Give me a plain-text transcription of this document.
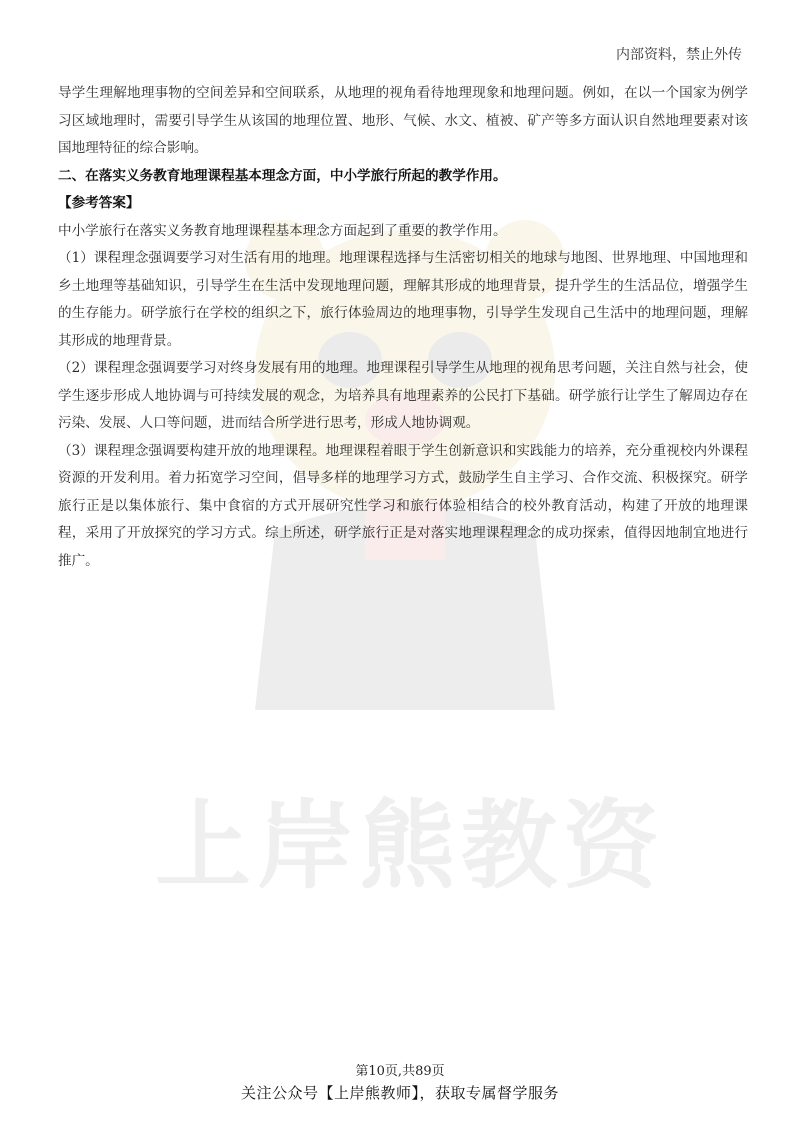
上岸熊教资
内部资料，禁止外传

导学生理解地理事物的空间差异和空间联系，从地理的视角看待地理现象和地理问题。例如，在以一个国家为例学习区域地理时，需要引导学生从该国的地理位置、地形、气候、水文、植被、矿产等多方面认识自然地理要素对该国地理特征的综合影响。

二、在落实义务教育地理课程基本理念方面，中小学旅行所起的教学作用。

【参考答案】

中小学旅行在落实义务教育地理课程基本理念方面起到了重要的教学作用。

（1）课程理念强调要学习对生活有用的地理。地理课程选择与生活密切相关的地球与地图、世界地理、中国地理和乡土地理等基础知识，引导学生在生活中发现地理问题，理解其形成的地理背景，提升学生的生活品位，增强学生的生存能力。研学旅行在学校的组织之下，旅行体验周边的地理事物，引导学生发现自己生活中的地理问题，理解其形成的地理背景。

（2）课程理念强调要学习对终身发展有用的地理。地理课程引导学生从地理的视角思考问题，关注自然与社会，使学生逐步形成人地协调与可持续发展的观念，为培养具有地理素养的公民打下基础。研学旅行让学生了解周边存在污染、发展、人口等问题，进而结合所学进行思考，形成人地协调观。

（3）课程理念强调要构建开放的地理课程。地理课程着眼于学生创新意识和实践能力的培养，充分重视校内外课程资源的开发利用。着力拓宽学习空间，倡导多样的地理学习方式，鼓励学生自主学习、合作交流、积极探究。研学旅行正是以集体旅行、集中食宿的方式开展研究性学习和旅行体验相结合的校外教育活动，构建了开放的地理课程，采用了开放探究的学习方式。综上所述，研学旅行正是对落实地理课程理念的成功探索，值得因地制宜地进行推广。

第10页,共89页
关注公众号【上岸熊教师】，获取专属督学服务
